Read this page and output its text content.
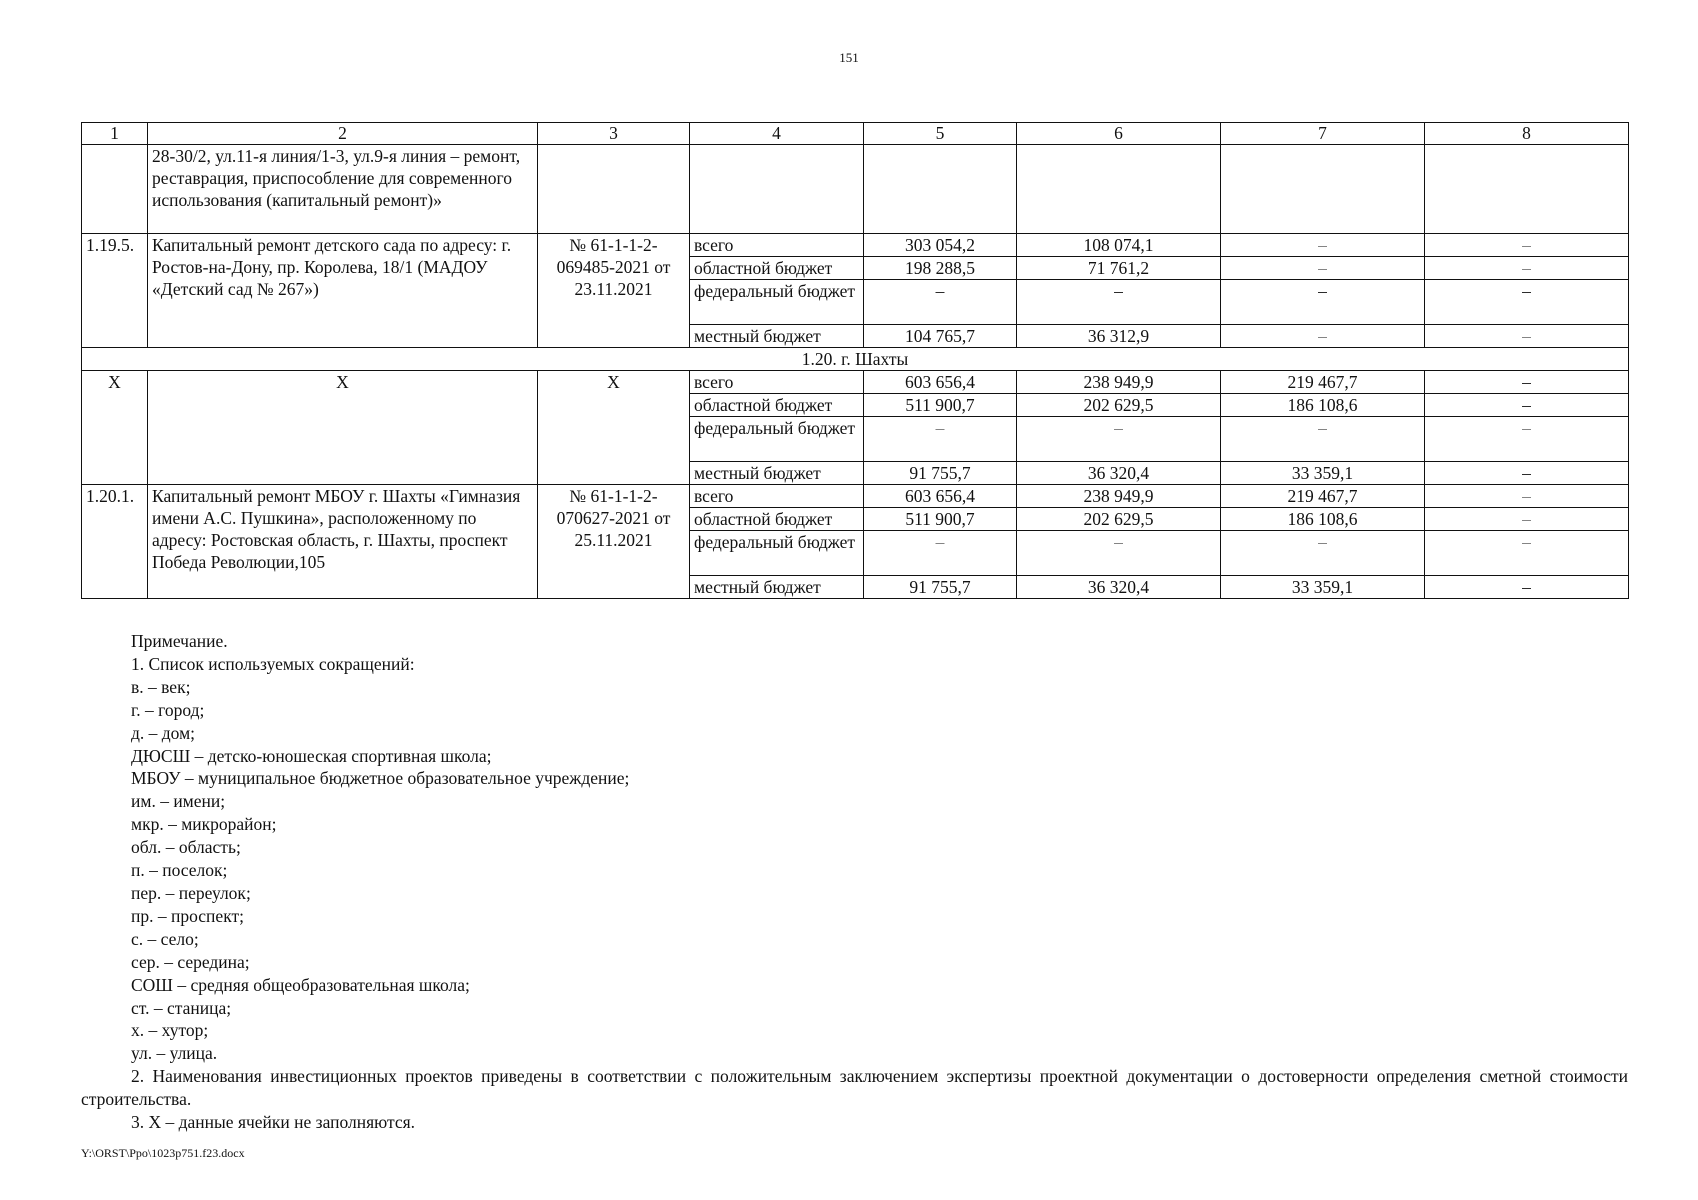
151
1	2	3	4	5	6	7	8
	28-30/2, ул.11-я линия/1-3, ул.9-я линия – ремонт, реставрация, приспособление для современного использования (капитальный ремонт)»						
1.19.5.	Капитальный ремонт детского сада по адресу: г. Ростов-на-Дону, пр. Королева, 18/1 (МАДОУ «Детский сад № 267»)	№ 61-1-1-2-069485-2021 от 23.11.2021	всего	303 054,2	108 074,1	–	–
			областной бюджет	198 288,5	71 761,2	–	–
			федеральный бюджет	–	–	–	–
			местный бюджет	104 765,7	36 312,9	–	–
1.20. г. Шахты							
X	X	X	всего	603 656,4	238 949,9	219 467,7	–
			областной бюджет	511 900,7	202 629,5	186 108,6	–
			федеральный бюджет	–	–	–	–
			местный бюджет	91 755,7	36 320,4	33 359,1	–
1.20.1.	Капитальный ремонт МБОУ г. Шахты «Гимназия имени А.С. Пушкина», расположенному по адресу: Ростовская область, г. Шахты, проспект Победа Революции,105	№ 61-1-1-2-070627-2021 от 25.11.2021	всего	603 656,4	238 949,9	219 467,7	–
			областной бюджет	511 900,7	202 629,5	186 108,6	–
			федеральный бюджет	–	–	–	–
			местный бюджет	91 755,7	36 320,4	33 359,1	–

Примечание.

1. Список используемых сокращений:

в. – век;

г. – город;

д. – дом;

ДЮСШ – детско-юношеская спортивная школа;

МБОУ – муниципальное бюджетное образовательное учреждение;

им. – имени;

мкр. – микрорайон;

обл. – область;

п. – поселок;

пер. – переулок;

пр. – проспект;

с. – село;

сер. – середина;

СОШ – средняя общеобразовательная школа;

ст. – станица;

х. – хутор;

ул. – улица.

2. Наименования инвестиционных проектов приведены в соответствии с положительным заключением экспертизы проектной документации о достоверности определения сметной стоимости строительства.

3. X – данные ячейки не заполняются.

Y:\ORST\Ppo\1023p751.f23.docx
